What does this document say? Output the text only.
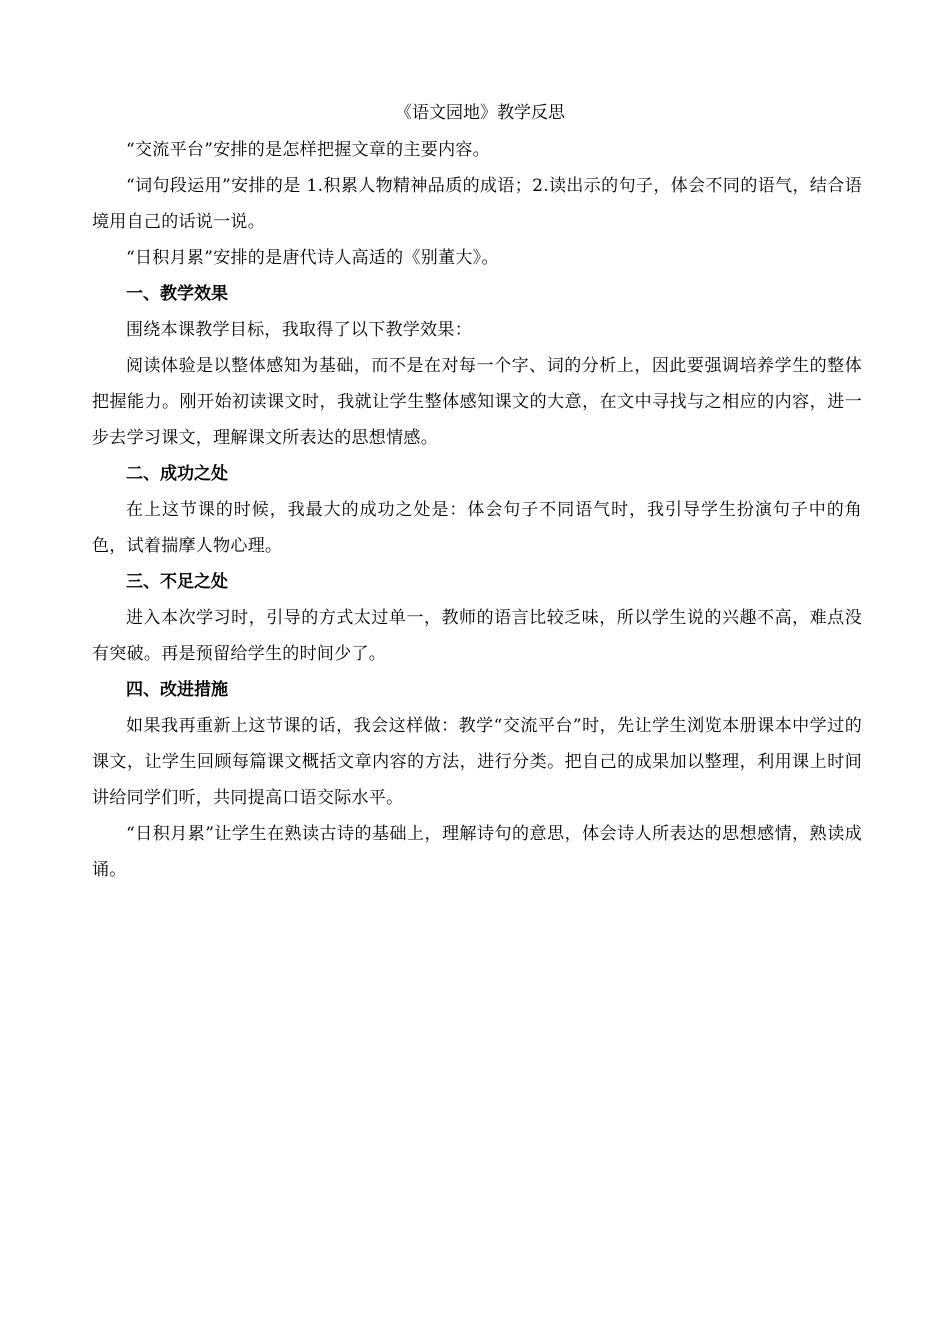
《语文园地》教学反思

“交流平台”安排的是怎样把握文章的主要内容。

“词句段运用”安排的是 1.积累人物精神品质的成语；2.读出示的句子，体会不同的语气，结合语境用自己的话说一说。

“日积月累”安排的是唐代诗人高适的《别董大》。

一、教学效果

围绕本课教学目标，我取得了以下教学效果：

阅读体验是以整体感知为基础，而不是在对每一个字、词的分析上，因此要强调培养学生的整体把握能力。刚开始初读课文时，我就让学生整体感知课文的大意，在文中寻找与之相应的内容，进一步去学习课文，理解课文所表达的思想情感。

二、成功之处

在上这节课的时候，我最大的成功之处是：体会句子不同语气时，我引导学生扮演句子中的角色，试着揣摩人物心理。

三、不足之处

进入本次学习时，引导的方式太过单一，教师的语言比较乏味，所以学生说的兴趣不高，难点没有突破。再是预留给学生的时间少了。

四、改进措施

如果我再重新上这节课的话，我会这样做：教学“交流平台”时，先让学生浏览本册课本中学过的课文，让学生回顾每篇课文概括文章内容的方法，进行分类。把自己的成果加以整理，利用课上时间讲给同学们听，共同提高口语交际水平。

“日积月累”让学生在熟读古诗的基础上，理解诗句的意思，体会诗人所表达的思想感情，熟读成诵。
